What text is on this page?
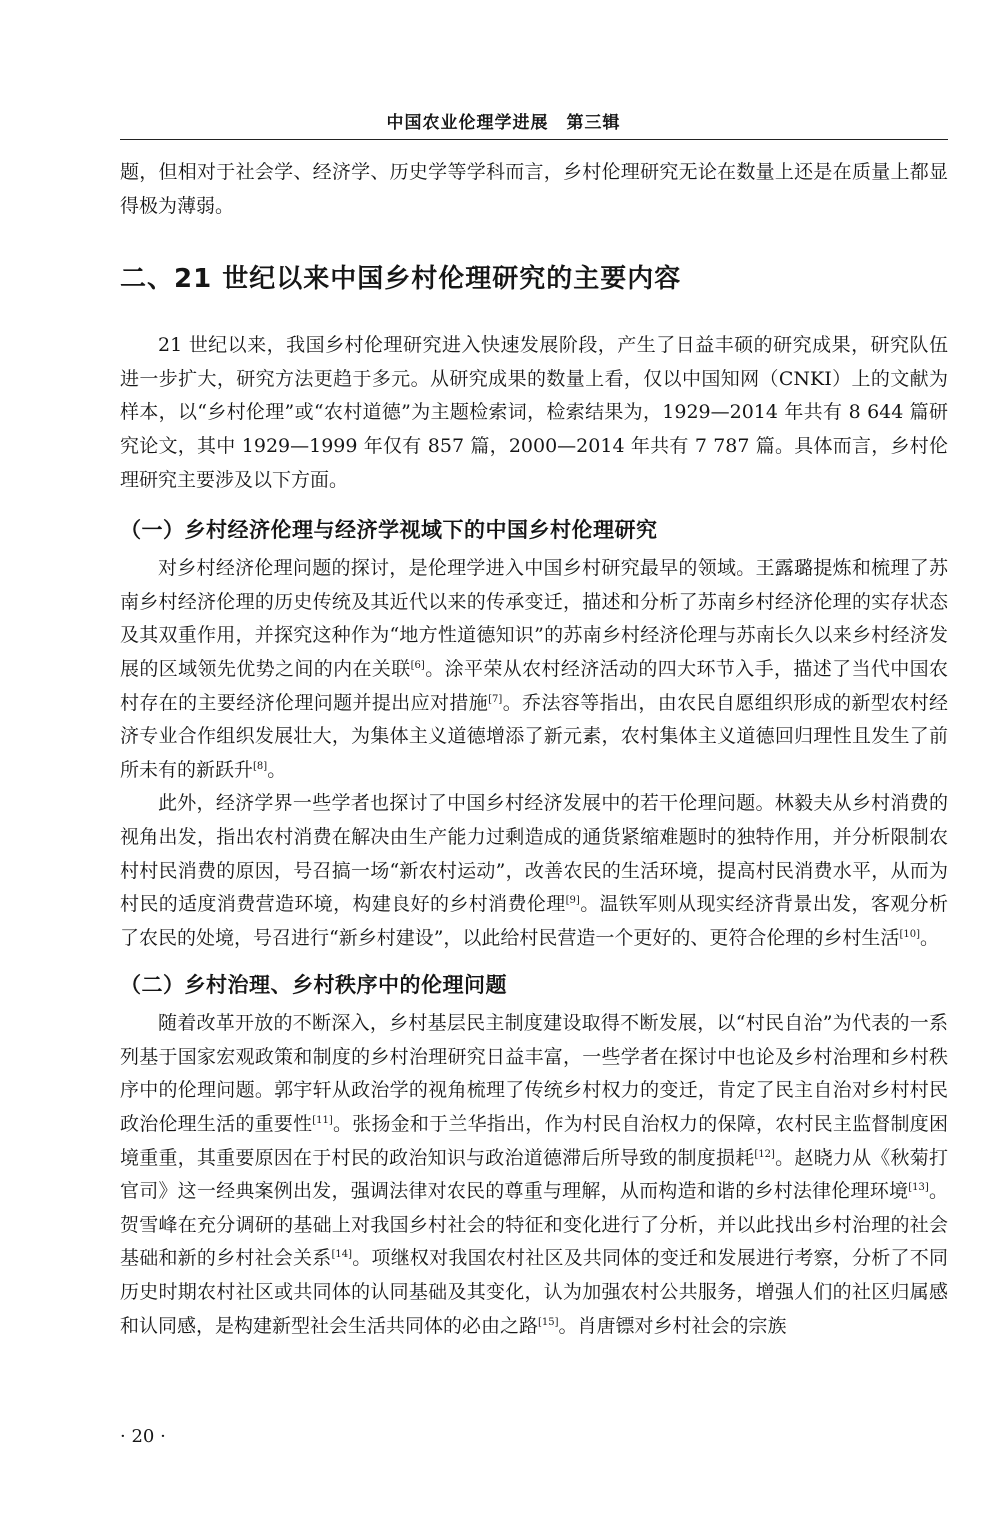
中国农业伦理学进展　第三辑

题，但相对于社会学、经济学、历史学等学科而言，乡村伦理研究无论在数量上还是在质量上都显得极为薄弱。

二、21 世纪以来中国乡村伦理研究的主要内容

21 世纪以来，我国乡村伦理研究进入快速发展阶段，产生了日益丰硕的研究成果，研究队伍进一步扩大，研究方法更趋于多元。从研究成果的数量上看，仅以中国知网（CNKI）上的文献为样本，以“乡村伦理”或“农村道德”为主题检索词，检索结果为，1929—2014 年共有 8 644 篇研究论文，其中 1929—1999 年仅有 857 篇，2000—2014 年共有 7 787 篇。具体而言，乡村伦理研究主要涉及以下方面。

（一）乡村经济伦理与经济学视域下的中国乡村伦理研究

对乡村经济伦理问题的探讨，是伦理学进入中国乡村研究最早的领域。王露璐提炼和梳理了苏南乡村经济伦理的历史传统及其近代以来的传承变迁，描述和分析了苏南乡村经济伦理的实存状态及其双重作用，并探究这种作为“地方性道德知识”的苏南乡村经济伦理与苏南长久以来乡村经济发展的区域领先优势之间的内在关联[6]。涂平荣从农村经济活动的四大环节入手，描述了当代中国农村存在的主要经济伦理问题并提出应对措施[7]。乔法容等指出，由农民自愿组织形成的新型农村经济专业合作组织发展壮大，为集体主义道德增添了新元素，农村集体主义道德回归理性且发生了前所未有的新跃升[8]。

此外，经济学界一些学者也探讨了中国乡村经济发展中的若干伦理问题。林毅夫从乡村消费的视角出发，指出农村消费在解决由生产能力过剩造成的通货紧缩难题时的独特作用，并分析限制农村村民消费的原因，号召搞一场“新农村运动”，改善农民的生活环境，提高村民消费水平，从而为村民的适度消费营造环境，构建良好的乡村消费伦理[9]。温铁军则从现实经济背景出发，客观分析了农民的处境，号召进行“新乡村建设”，以此给村民营造一个更好的、更符合伦理的乡村生活[10]。

（二）乡村治理、乡村秩序中的伦理问题

随着改革开放的不断深入，乡村基层民主制度建设取得不断发展，以“村民自治”为代表的一系列基于国家宏观政策和制度的乡村治理研究日益丰富，一些学者在探讨中也论及乡村治理和乡村秩序中的伦理问题。郭宇轩从政治学的视角梳理了传统乡村权力的变迁，肯定了民主自治对乡村村民政治伦理生活的重要性[11]。张扬金和于兰华指出，作为村民自治权力的保障，农村民主监督制度困境重重，其重要原因在于村民的政治知识与政治道德滞后所导致的制度损耗[12]。赵晓力从《秋菊打官司》这一经典案例出发，强调法律对农民的尊重与理解，从而构造和谐的乡村法律伦理环境[13]。贺雪峰在充分调研的基础上对我国乡村社会的特征和变化进行了分析，并以此找出乡村治理的社会基础和新的乡村社会关系[14]。项继权对我国农村社区及共同体的变迁和发展进行考察，分析了不同历史时期农村社区或共同体的认同基础及其变化，认为加强农村公共服务，增强人们的社区归属感和认同感，是构建新型社会生活共同体的必由之路[15]。肖唐镖对乡村社会的宗族

· 20 ·
